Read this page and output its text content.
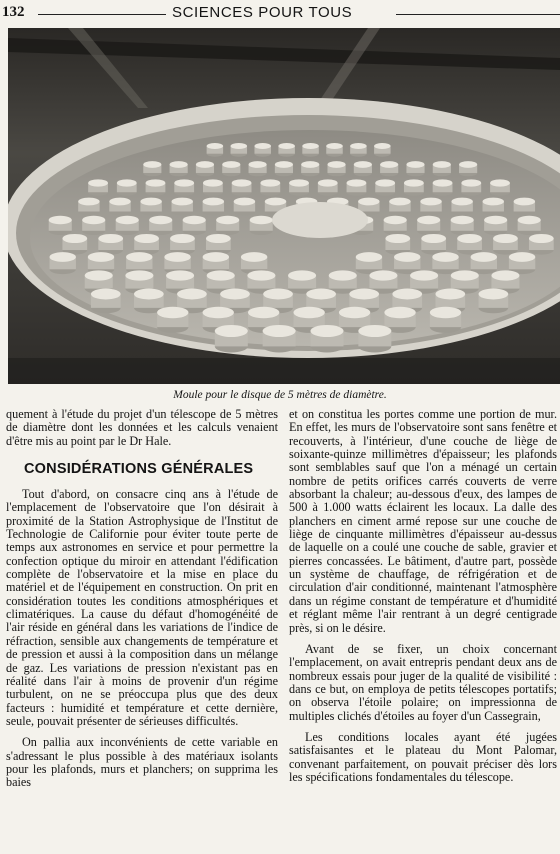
132	SCIENCES POUR TOUS
Moule pour le disque de 5 mètres de diamètre.

quement à l'étude du projet d'un télescope de 5 mètres de diamètre dont les données et les calculs venaient d'être mis au point par le Dr Hale.

CONSIDÉRATIONS GÉNÉRALES

Tout d'abord, on consacre cinq ans à l'étude de l'emplacement de l'observatoire que l'on désirait à proximité de la Station Astrophysique de l'Institut de Technologie de Californie pour éviter toute perte de temps aux astronomes en service et pour permettre la confection optique du miroir en attendant l'édification complète de l'observatoire et la mise en place du matériel et de l'équipement en construction. On prit en considération toutes les conditions atmosphériques et climatériques. La cause du défaut d'homogénéité de l'air réside en général dans les variations de l'indice de réfraction, sensible aux changements de température et de pression et aussi à la composition dans un mélange de gaz. Les variations de pression n'existant pas en réalité dans l'air à moins de provenir d'un régime turbulent, on ne se préoccupa plus que des deux facteurs : humidité et température et cette dernière, seule, pouvait présenter de sérieuses difficultés.

On pallia aux inconvénients de cette variable en s'adressant le plus possible à des matériaux isolants pour les plafonds, murs et planchers; on supprima les baies

et on constitua les portes comme une portion de mur. En effet, les murs de l'observatoire sont sans fenêtre et recouverts, à l'intérieur, d'une couche de liège de soixante-quinze millimètres d'épaisseur; les plafonds sont semblables sauf que l'on a ménagé un certain nombre de petits orifices carrés couverts de verre absorbant la chaleur; au-dessous d'eux, des lampes de 500 à 1.000 watts éclairent les locaux. La dalle des planchers en ciment armé repose sur une couche de liège de cinquante millimètres d'épaisseur au-dessus de laquelle on a coulé une couche de sable, gravier et pierres concassées. Le bâtiment, d'autre part, possède un système de chauffage, de réfrigération et de circulation d'air conditionné, maintenant l'atmosphère dans un régime constant de température et d'humidité et réglant même l'air rentrant à un degré centigrade près, si on le désire.

Avant de se fixer, un choix concernant l'emplacement, on avait entrepris pendant deux ans de nombreux essais pour juger de la qualité de visibilité : dans ce but, on employa de petits télescopes portatifs; on observa l'étoile polaire; on impressionna de multiples clichés d'étoiles au foyer d'un Cassegrain,

Les conditions locales ayant été jugées satisfaisantes et le plateau du Mont Palomar, convenant parfaitement, on pouvait préciser dès lors les spécifications fondamentales du télescope.
